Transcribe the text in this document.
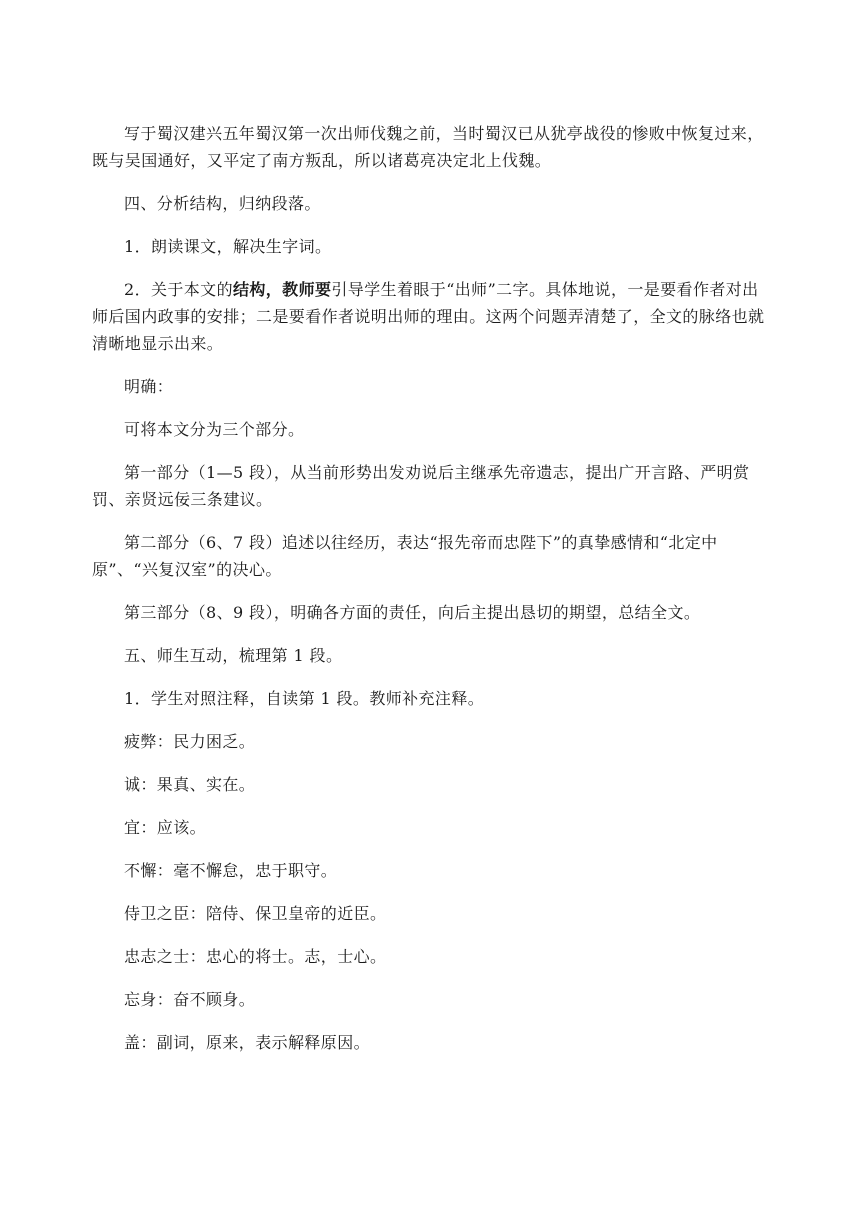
写于蜀汉建兴五年蜀汉第一次出师伐魏之前，当时蜀汉已从犹亭战役的惨败中恢复过来，既与吴国通好，又平定了南方叛乱，所以诸葛亮决定北上伐魏。

四、分析结构，归纳段落。

1．朗读课文，解决生字词。

2．关于本文的结构，教师要引导学生着眼于“出师”二字。具体地说，一是要看作者对出师后国内政事的安排；二是要看作者说明出师的理由。这两个问题弄清楚了，全文的脉络也就清晰地显示出来。

明确：

可将本文分为三个部分。

第一部分（1—5 段），从当前形势出发劝说后主继承先帝遗志，提出广开言路、严明赏罚、亲贤远佞三条建议。

第二部分（6、7 段）追述以往经历，表达“报先帝而忠陛下”的真挚感情和“北定中原”、“兴复汉室”的决心。

第三部分（8、9 段），明确各方面的责任，向后主提出恳切的期望，总结全文。

五、师生互动，梳理第 1 段。

1．学生对照注释，自读第 1 段。教师补充注释。

疲弊：民力困乏。

诚：果真、实在。

宜：应该。

不懈：毫不懈怠，忠于职守。

侍卫之臣：陪侍、保卫皇帝的近臣。

忠志之士：忠心的将士。志，士心。

忘身：奋不顾身。

盖：副词，原来，表示解释原因。
